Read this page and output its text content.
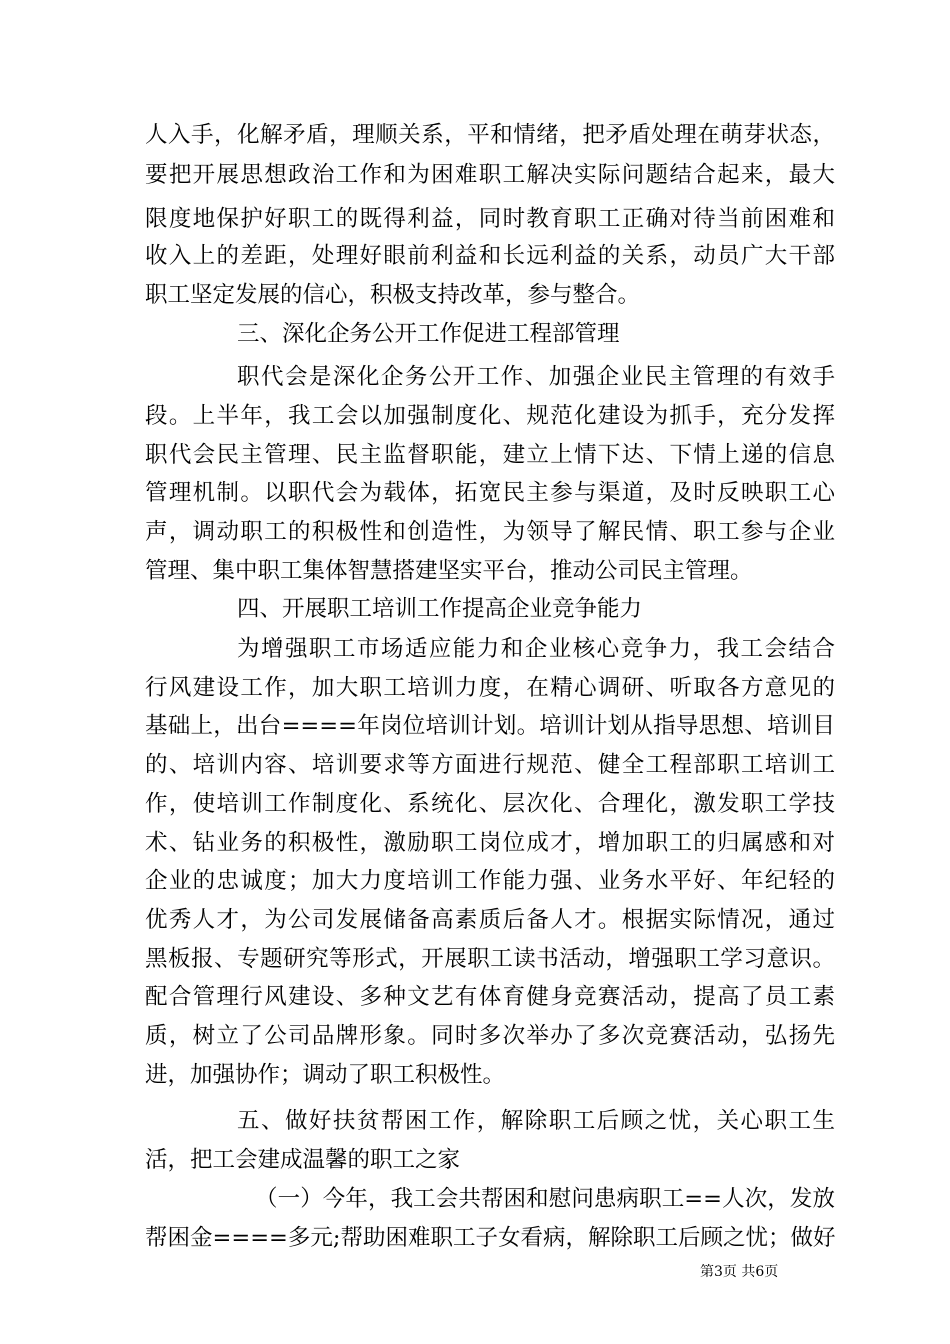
人入手，化解矛盾，理顺关系，平和情绪，把矛盾处理在萌芽状态，
要把开展思想政治工作和为困难职工解决实际问题结合起来，最大
限度地保护好职工的既得利益，同时教育职工正确对待当前困难和
收入上的差距，处理好眼前利益和长远利益的关系，动员广大干部
职工坚定发展的信心，积极支持改革，参与整合。
三、深化企务公开工作促进工程部管理
职代会是深化企务公开工作、加强企业民主管理的有效手
段。上半年，我工会以加强制度化、规范化建设为抓手，充分发挥
职代会民主管理、民主监督职能，建立上情下达、下情上递的信息
管理机制。以职代会为载体，拓宽民主参与渠道，及时反映职工心
声，调动职工的积极性和创造性，为领导了解民情、职工参与企业
管理、集中职工集体智慧搭建坚实平台，推动公司民主管理。
四、开展职工培训工作提高企业竞争能力
为增强职工市场适应能力和企业核心竞争力，我工会结合
行风建设工作，加大职工培训力度，在精心调研、听取各方意见的
基础上，出台====年岗位培训计划。培训计划从指导思想、培训目
的、培训内容、培训要求等方面进行规范、健全工程部职工培训工
作，使培训工作制度化、系统化、层次化、合理化，激发职工学技
术、钻业务的积极性，激励职工岗位成才，增加职工的归属感和对
企业的忠诚度；加大力度培训工作能力强、业务水平好、年纪轻的
优秀人才，为公司发展储备高素质后备人才。根据实际情况，通过
黑板报、专题研究等形式，开展职工读书活动，增强职工学习意识。
配合管理行风建设、多种文艺有体育健身竞赛活动，提高了员工素
质，树立了公司品牌形象。同时多次举办了多次竞赛活动，弘扬先
进，加强协作；调动了职工积极性。
五、做好扶贫帮困工作，解除职工后顾之忧，关心职工生
活，把工会建成温馨的职工之家
（一）今年，我工会共帮困和慰问患病职工==人次，发放
帮困金====多元;帮助困难职工子女看病，解除职工后顾之忧；做好
第3页 共6页
